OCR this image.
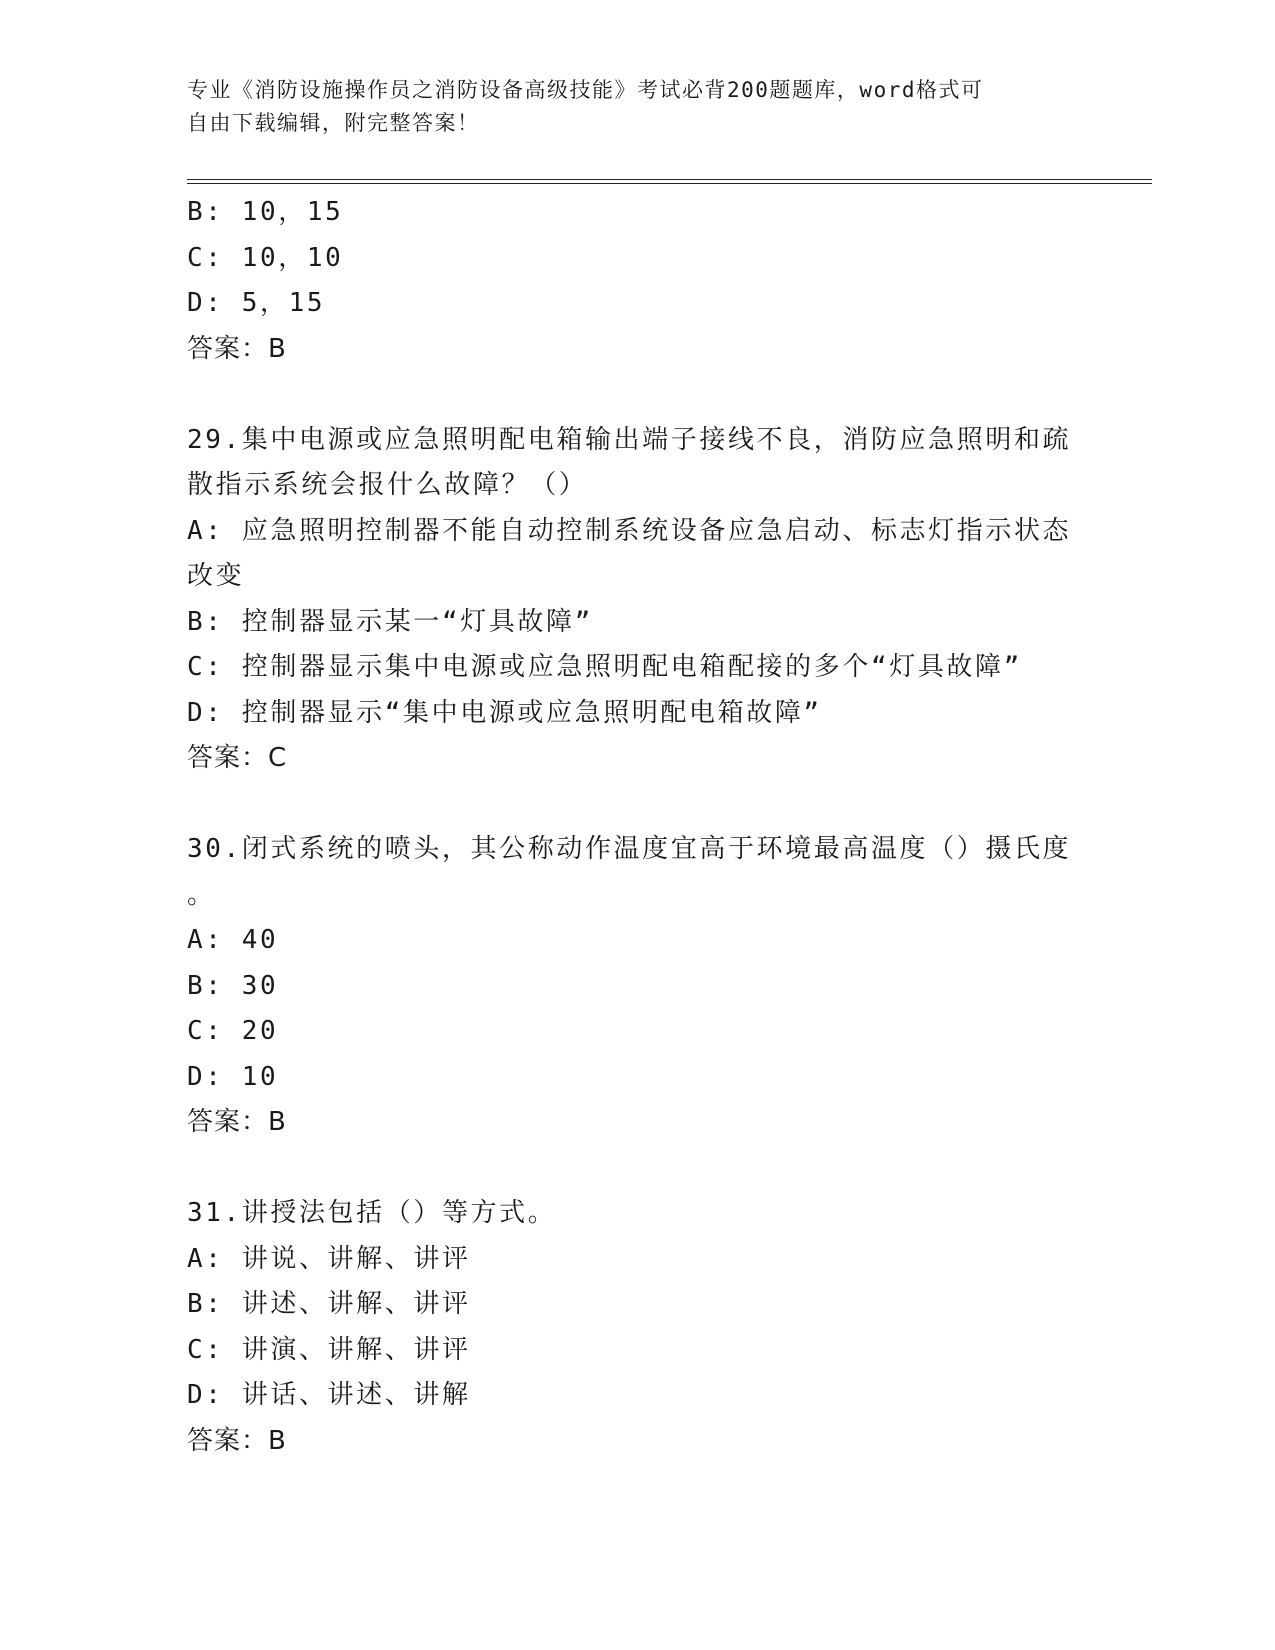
专业《消防设施操作员之消防设备高级技能》考试必背200题题库，word格式可
自由下载编辑，附完整答案！
B: 10，15
C: 10，10
D: 5，15
答案：B
29.集中电源或应急照明配电箱输出端子接线不良，消防应急照明和疏
散指示系统会报什么故障？（）
A: 应急照明控制器不能自动控制系统设备应急启动、标志灯指示状态
改变
B: 控制器显示某一“灯具故障”
C: 控制器显示集中电源或应急照明配电箱配接的多个“灯具故障”
D: 控制器显示“集中电源或应急照明配电箱故障”
答案：C
30.闭式系统的喷头，其公称动作温度宜高于环境最高温度（）摄氏度
。
A: 40
B: 30
C: 20
D: 10
答案：B
31.讲授法包括（）等方式。
A: 讲说、讲解、讲评
B: 讲述、讲解、讲评
C: 讲演、讲解、讲评
D: 讲话、讲述、讲解
答案：B
